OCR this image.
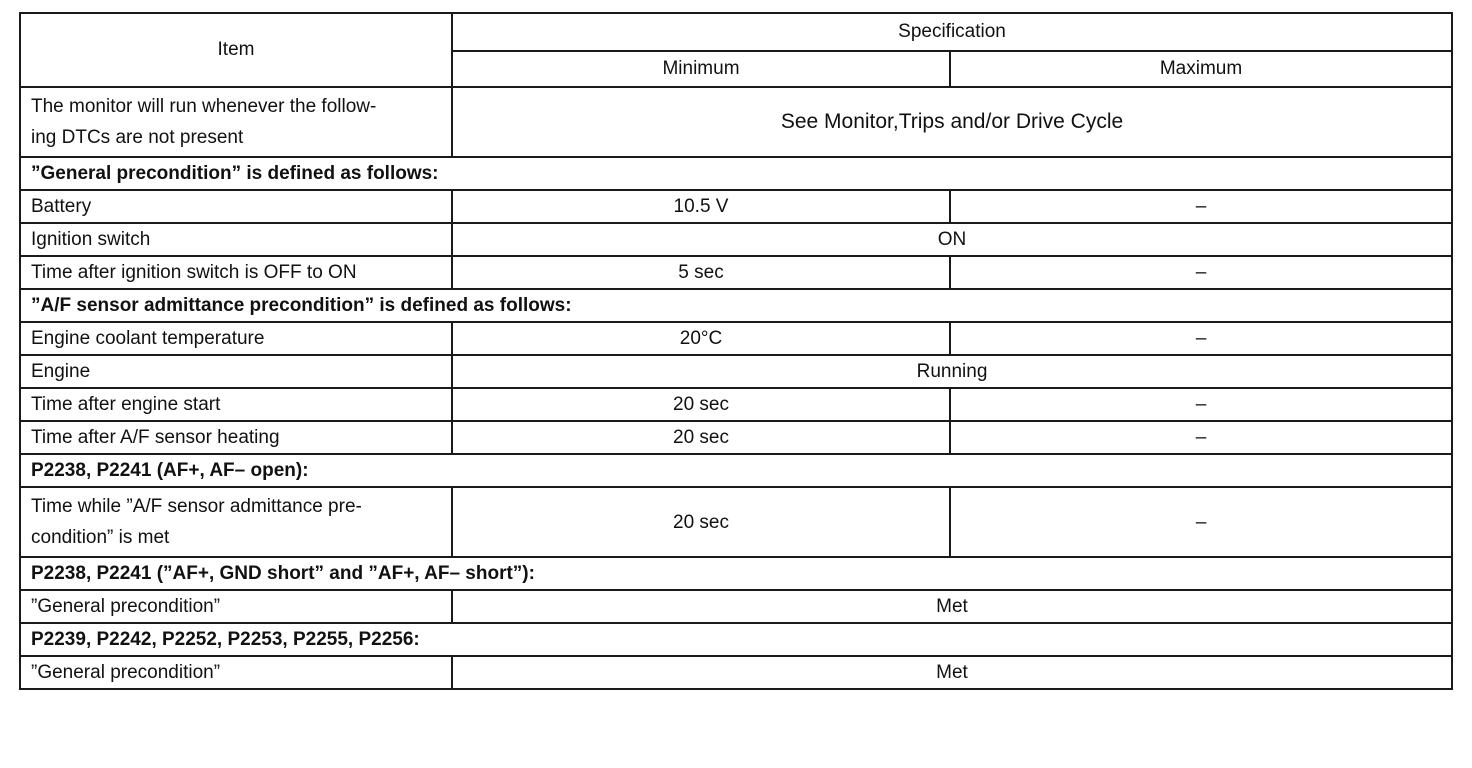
Item	Specification	
	Minimum	Maximum
The monitor will run whenever the follow-
ing DTCs are not present	See Monitor,Trips and/or Drive Cycle	
”General precondition” is defined as follows:		
Battery	10.5 V	–
Ignition switch	ON	
Time after ignition switch is OFF to ON	5 sec	–
”A/F sensor admittance precondition” is defined as follows:		
Engine coolant temperature	20°C	–
Engine	Running	
Time after engine start	20 sec	–
Time after A/F sensor heating	20 sec	–
P2238, P2241 (AF+, AF– open):		
Time while ”A/F sensor admittance pre-
condition” is met	20 sec	–
P2238, P2241 (”AF+, GND short” and ”AF+, AF– short”):		
”General precondition”	Met	
P2239, P2242, P2252, P2253, P2255, P2256:		
”General precondition”	Met	
